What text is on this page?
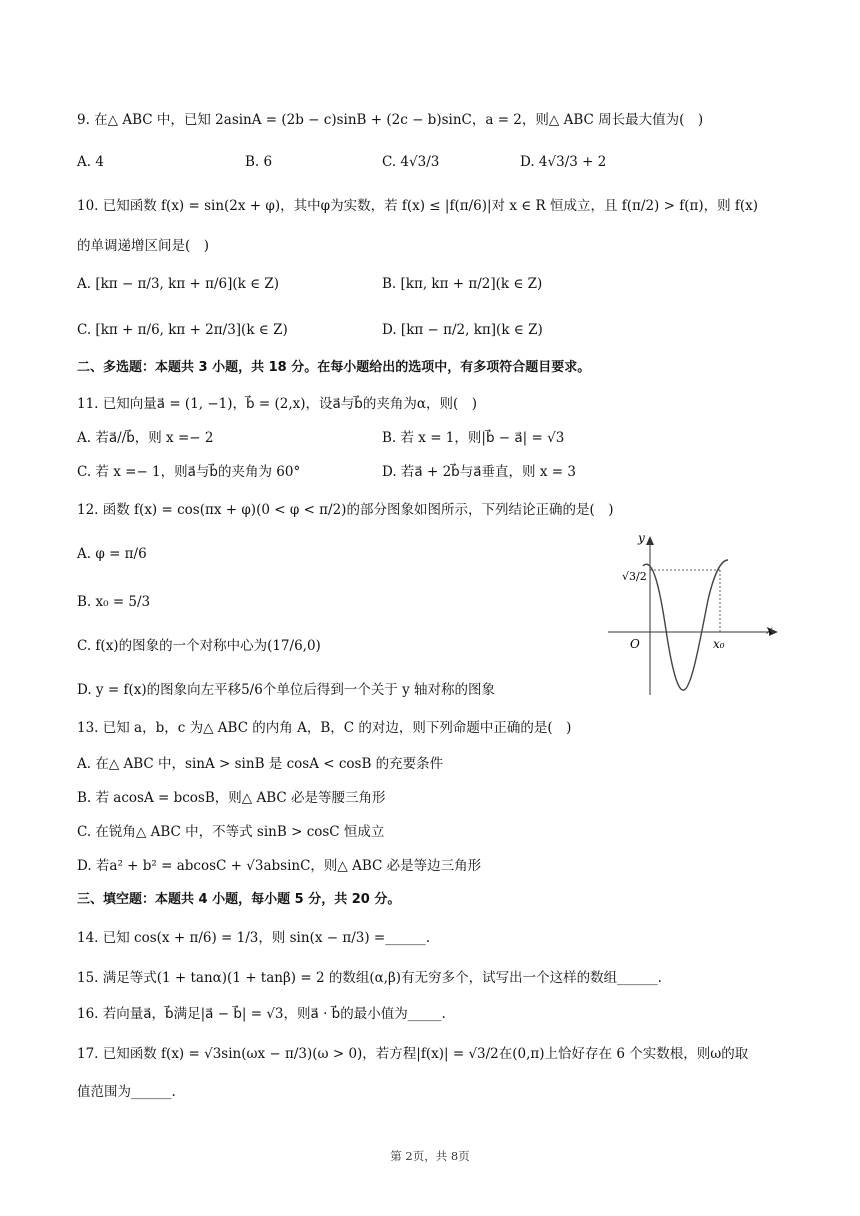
9. 在△ ABC 中，已知 2asinA = (2b − c)sinB + (2c − b)sinC，a = 2，则△ ABC 周长最大值为(　)
A. 4	B. 6	C. 4√3/3	D. 4√3/3 + 2
10. 已知函数 f(x) = sin(2x + φ)，其中φ为实数，若 f(x) ≤ |f(π/6)|对 x ∈ R 恒成立，且 f(π/2) > f(π)，则 f(x)
的单调递增区间是(　)
A. [kπ − π/3, kπ + π/6](k ∈ Z)	B. [kπ, kπ + π/2](k ∈ Z)
C. [kπ + π/6, kπ + 2π/3](k ∈ Z)	D. [kπ − π/2, kπ](k ∈ Z)
二、多选题：本题共 3 小题，共 18 分。在每小题给出的选项中，有多项符合题目要求。
11. 已知向量a⃗ = (1, −1)，b⃗ = (2,x)，设a⃗与b⃗的夹角为α，则(　)
A. 若a⃗//b⃗，则 x =− 2	B. 若 x = 1，则|b⃗ − a⃗| = √3
C. 若 x =− 1，则a⃗与b⃗的夹角为 60°	D. 若a⃗ + 2b⃗与a⃗垂直，则 x = 3
12. 函数 f(x) = cos(πx + φ)(0 < φ < π/2)的部分图象如图所示，下列结论正确的是(　)
A. φ = π/6
B. x₀ = 5/3
C. f(x)的图象的一个对称中心为(17/6,0)
D. y = f(x)的图象向左平移5/6个单位后得到一个关于 y 轴对称的图象
y
x
O	x₀
√3/2
13. 已知 a，b，c 为△ ABC 的内角 A，B，C 的对边，则下列命题中正确的是(　)
A. 在△ ABC 中，sinA > sinB 是 cosA < cosB 的充要条件
B. 若 acosA = bcosB，则△ ABC 必是等腰三角形
C. 在锐角△ ABC 中，不等式 sinB > cosC 恒成立
D. 若a² + b² = abcosC + √3absinC，则△ ABC 必是等边三角形
三、填空题：本题共 4 小题，每小题 5 分，共 20 分。
14. 已知 cos(x + π/6) = 1/3，则 sin(x − π/3) =______.
15. 满足等式(1 + tanα)(1 + tanβ) = 2 的数组(α,β)有无穷多个，试写出一个这样的数组______.
16. 若向量a⃗，b⃗满足|a⃗ − b⃗| = √3，则a⃗ · b⃗的最小值为_____.
17. 已知函数 f(x) = √3sin(ωx − π/3)(ω > 0)，若方程|f(x)| = √3/2在(0,π)上恰好存在 6 个实数根，则ω的取
值范围为______.
第 2页，共 8页
